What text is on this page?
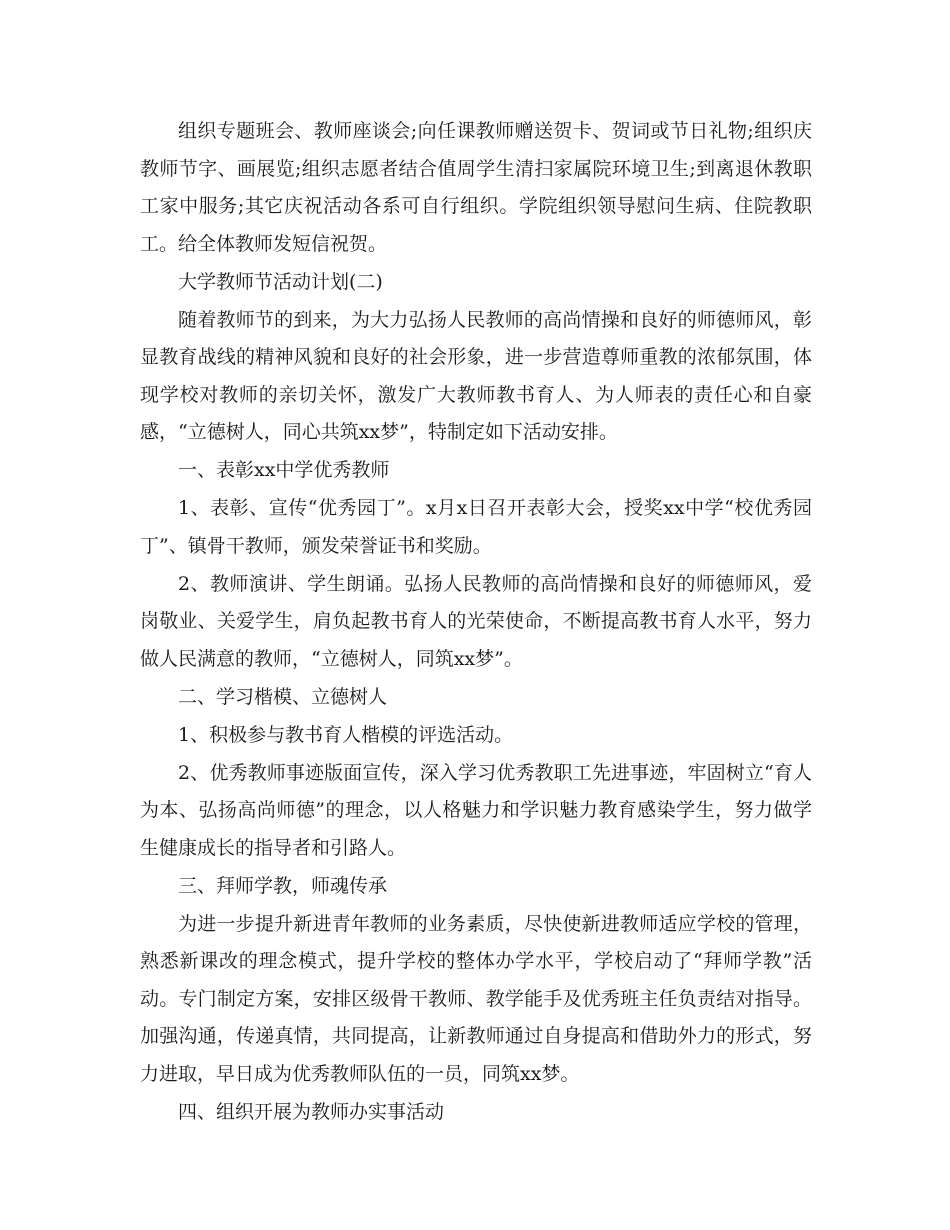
组织专题班会、教师座谈会;向任课教师赠送贺卡、贺词或节日礼物;组织庆教师节字、画展览;组织志愿者结合值周学生清扫家属院环境卫生;到离退休教职工家中服务;其它庆祝活动各系可自行组织。学院组织领导慰问生病、住院教职工。给全体教师发短信祝贺。

大学教师节活动计划(二)

随着教师节的到来，为大力弘扬人民教师的高尚情操和良好的师德师风，彰显教育战线的精神风貌和良好的社会形象，进一步营造尊师重教的浓郁氛围，体现学校对教师的亲切关怀，激发广大教师教书育人、为人师表的责任心和自豪感，“立德树人，同心共筑xx梦”，特制定如下活动安排。

一、表彰xx中学优秀教师

1、表彰、宣传“优秀园丁”。x月x日召开表彰大会，授奖xx中学“校优秀园丁”、镇骨干教师，颁发荣誉证书和奖励。

2、教师演讲、学生朗诵。弘扬人民教师的高尚情操和良好的师德师风，爱岗敬业、关爱学生，肩负起教书育人的光荣使命，不断提高教书育人水平，努力做人民满意的教师，“立德树人，同筑xx梦”。

二、学习楷模、立德树人

1、积极参与教书育人楷模的评选活动。

2、优秀教师事迹版面宣传，深入学习优秀教职工先进事迹，牢固树立“育人为本、弘扬高尚师德”的理念，以人格魅力和学识魅力教育感染学生，努力做学生健康成长的指导者和引路人。

三、拜师学教，师魂传承

为进一步提升新进青年教师的业务素质，尽快使新进教师适应学校的管理，熟悉新课改的理念模式，提升学校的整体办学水平，学校启动了“拜师学教”活动。专门制定方案，安排区级骨干教师、教学能手及优秀班主任负责结对指导。加强沟通，传递真情，共同提高，让新教师通过自身提高和借助外力的形式，努力进取，早日成为优秀教师队伍的一员，同筑xx梦。

四、组织开展为教师办实事活动
